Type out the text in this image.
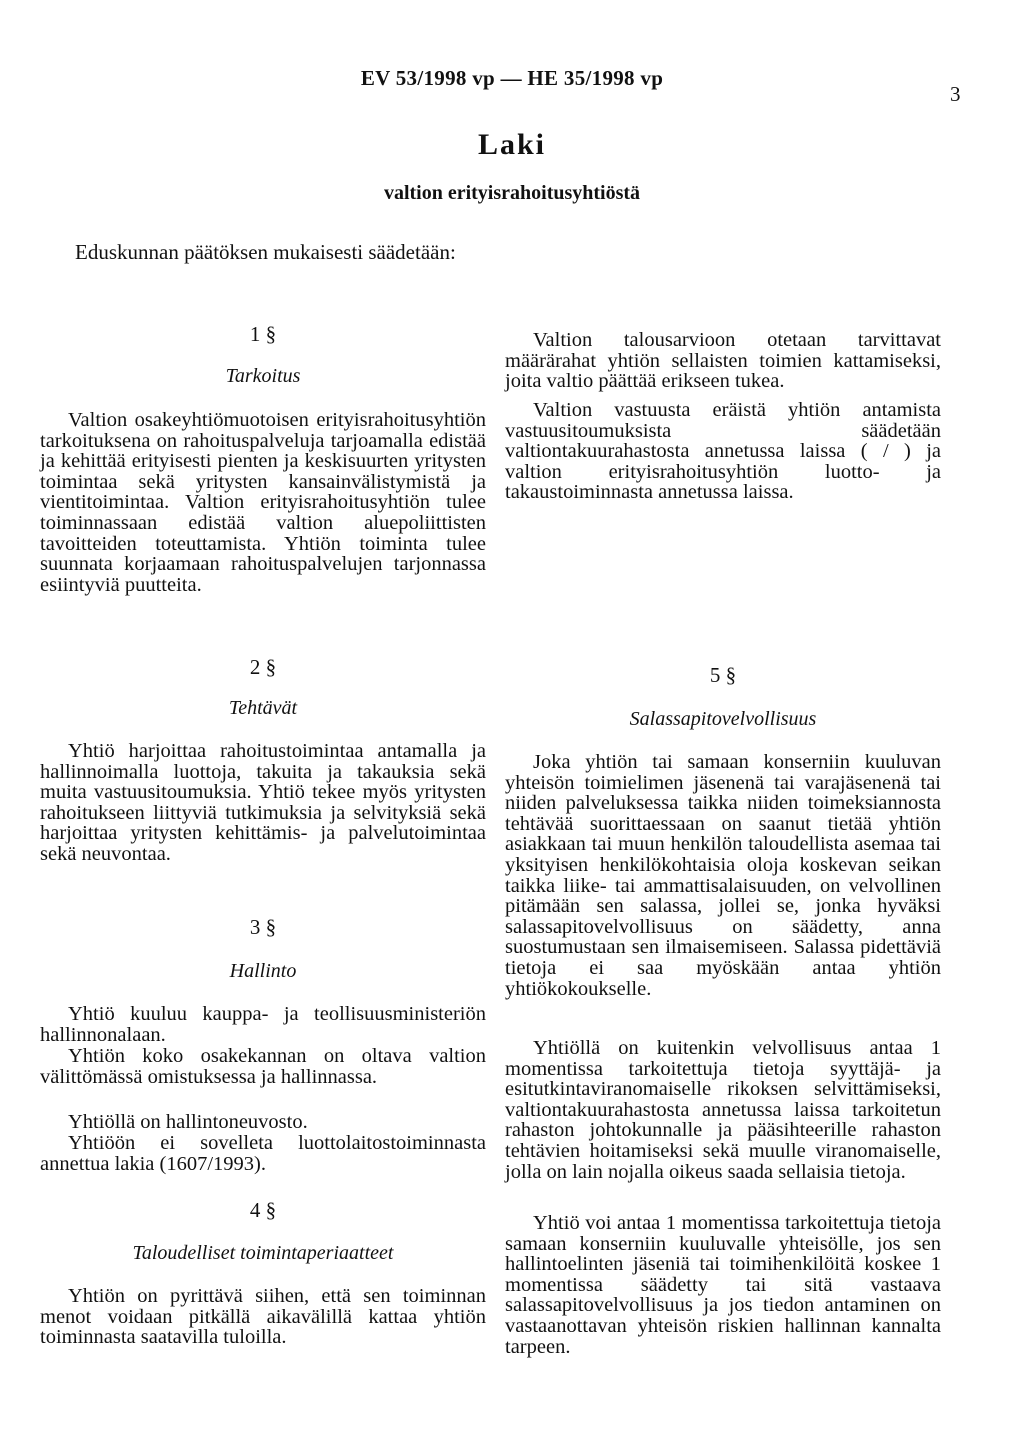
EV 53/1998 vp — HE 35/1998 vp
3
Laki
valtion erityisrahoitusyhtiöstä
Eduskunnan päätöksen mukaisesti säädetään:
1 §
Tarkoitus

Valtion osakeyhtiömuotoisen erityisrahoitusyhtiön tarkoituksena on rahoituspalveluja tarjoamalla edistää ja kehittää erityisesti pienten ja keskisuurten yritysten toimintaa sekä yritysten kansainvälistymistä ja vientitoimintaa. Valtion erityisrahoitusyhtiön tulee toiminnassaan edistää valtion aluepoliittisten tavoitteiden toteuttamista. Yhtiön toiminta tulee suunnata korjaamaan rahoituspalvelujen tarjonnassa esiintyviä puutteita.

2 §
Tehtävät

Yhtiö harjoittaa rahoitustoimintaa antamalla ja hallinnoimalla luottoja, takuita ja takauksia sekä muita vastuusitoumuksia. Yhtiö tekee myös yritysten rahoitukseen liittyviä tutkimuksia ja selvityksiä sekä harjoittaa yritysten kehittämis- ja palvelutoimintaa sekä neuvontaa.

3 §
Hallinto

Yhtiö kuuluu kauppa- ja teollisuusministeriön hallinnonalaan.

Yhtiön koko osakekannan on oltava valtion välittömässä omistuksessa ja hallinnassa.

Yhtiöllä on hallintoneuvosto.

Yhtiöön ei sovelleta luottolaitostoiminnasta annettua lakia (1607/1993).

4 §
Taloudelliset toimintaperiaatteet

Yhtiön on pyrittävä siihen, että sen toiminnan menot voidaan pitkällä aikavälillä kattaa yhtiön toiminnasta saatavilla tuloilla.

Valtion talousarvioon otetaan tarvittavat määrärahat yhtiön sellaisten toimien kattamiseksi, joita valtio päättää erikseen tukea.

Valtion vastuusta eräistä yhtiön antamista vastuusitoumuksista säädetään valtiontakuurahastosta annetussa laissa ( / ) ja valtion erityisrahoitusyhtiön luotto- ja takaustoiminnasta annetussa laissa.

5 §
Salassapitovelvollisuus

Joka yhtiön tai samaan konserniin kuuluvan yhteisön toimielimen jäsenenä tai varajäsenenä tai niiden palveluksessa taikka niiden toimeksiannosta tehtävää suorittaessaan on saanut tietää yhtiön asiakkaan tai muun henkilön taloudellista asemaa tai yksityisen henkilökohtaisia oloja koskevan seikan taikka liike- tai ammattisalaisuuden, on velvollinen pitämään sen salassa, jollei se, jonka hyväksi salassapitovelvollisuus on säädetty, anna suostumustaan sen ilmaisemiseen. Salassa pidettäviä tietoja ei saa myöskään antaa yhtiön yhtiökokoukselle.

Yhtiöllä on kuitenkin velvollisuus antaa 1 momentissa tarkoitettuja tietoja syyttäjä- ja esitutkintaviranomaiselle rikoksen selvittämiseksi, valtiontakuurahastosta annetussa laissa tarkoitetun rahaston johtokunnalle ja pääsihteerille rahaston tehtävien hoitamiseksi sekä muulle viranomaiselle, jolla on lain nojalla oikeus saada sellaisia tietoja.

Yhtiö voi antaa 1 momentissa tarkoitettuja tietoja samaan konserniin kuuluvalle yhteisölle, jos sen hallintoelinten jäseniä tai toimihenkilöitä koskee 1 momentissa säädetty tai sitä vastaava salassapitovelvollisuus ja jos tiedon antaminen on vastaanottavan yhteisön riskien hallinnan kannalta tarpeen.
